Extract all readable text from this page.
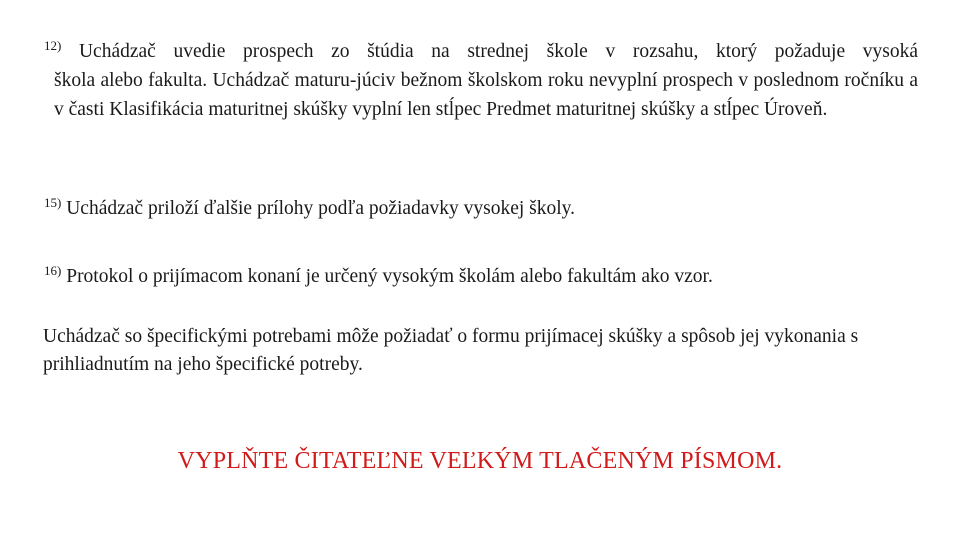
$^{12)}$ Uchádzač uvedie prospech zo štúdia na strednej škole v rozsahu, ktorý požaduje vysoká
škola alebo fakulta. Uchádzač maturu-júciv bežnom školskom roku nevyplní prospech v poslednom ročníku a v časti Klasifikácia maturitnej skúšky vyplní len stĺpec Predmet maturitnej skúšky a stĺpec Úroveň.
$^{15)}$ Uchádzač priloží ďalšie prílohy podľa požiadavky vysokej školy.
$^{16)}$ Protokol o prijímacom konaní je určený vysokým školám alebo fakultám ako vzor.
Uchádzač so špecifickými potrebami môže požiadať o formu prijímacej skúšky a spôsob jej vykonania s prihliadnutím na jeho špecifické potreby.
VYPLŇTE ČITATEĽNE VEĽKÝM TLAČENÝM PÍSMOM.
